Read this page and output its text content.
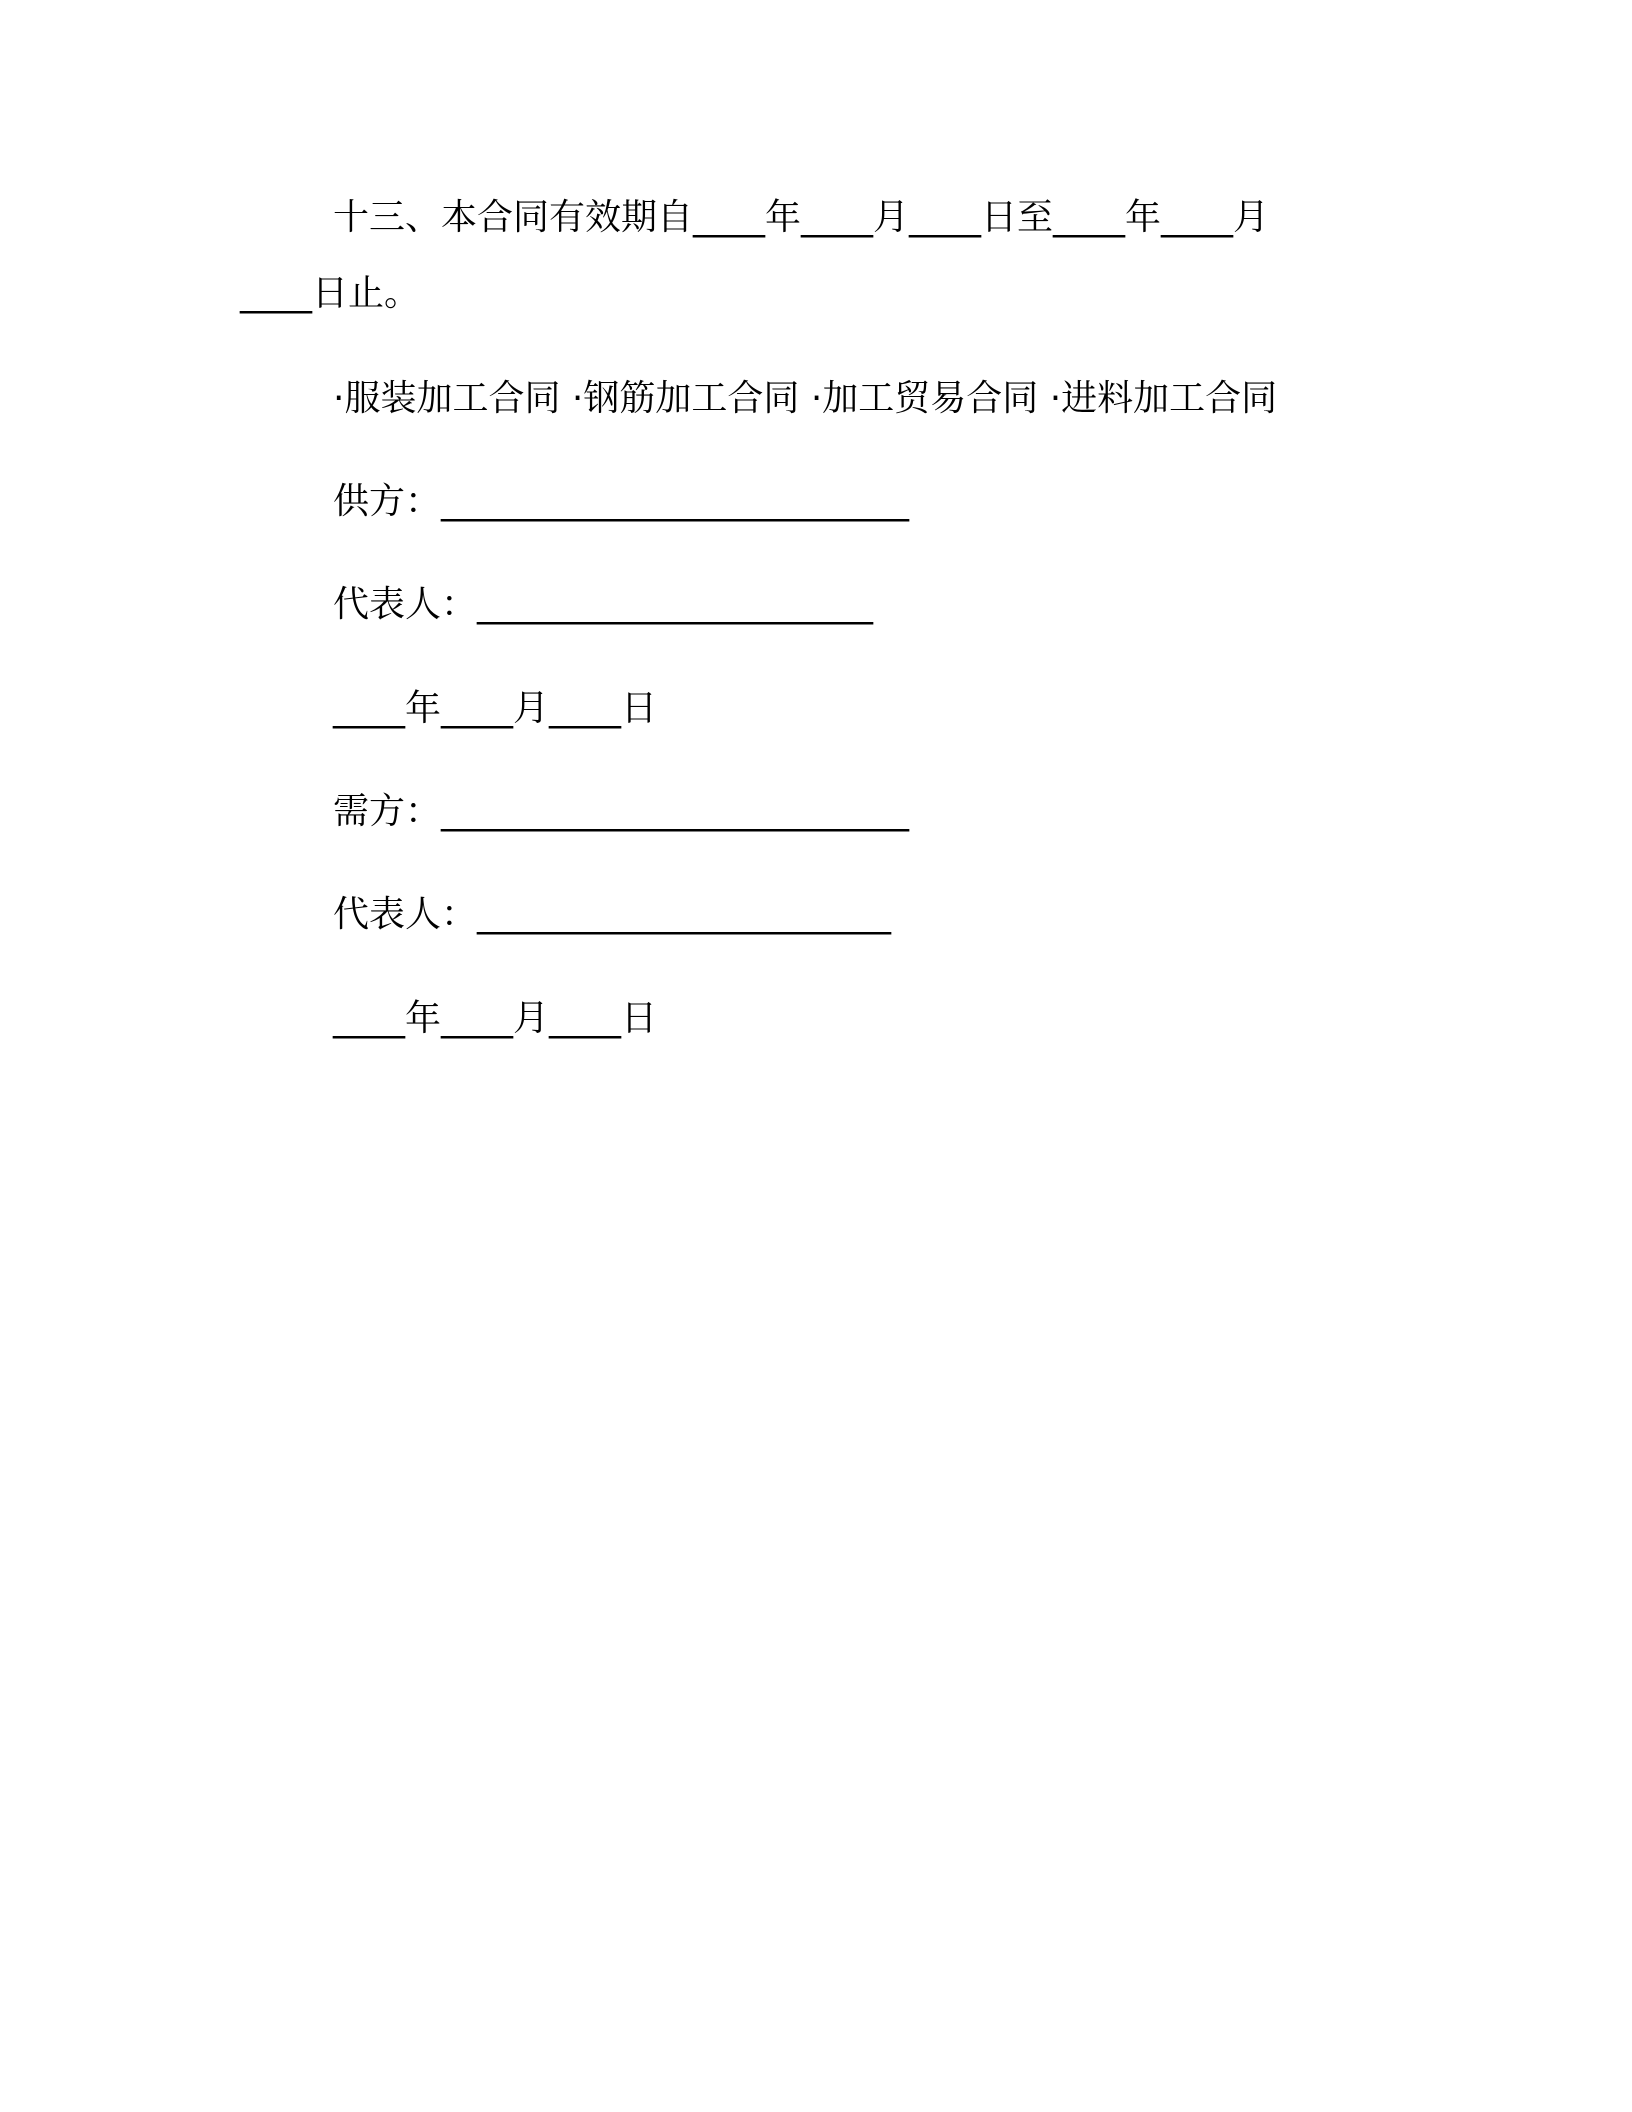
十三、本合同有效期自____年____月____日至____年____月
____日止。
·服装加工合同 ·钢筋加工合同 ·加工贸易合同 ·进料加工合同
供方：__________________________
代表人：______________________
____年____月____日
需方：__________________________
代表人：_______________________
____年____月____日
